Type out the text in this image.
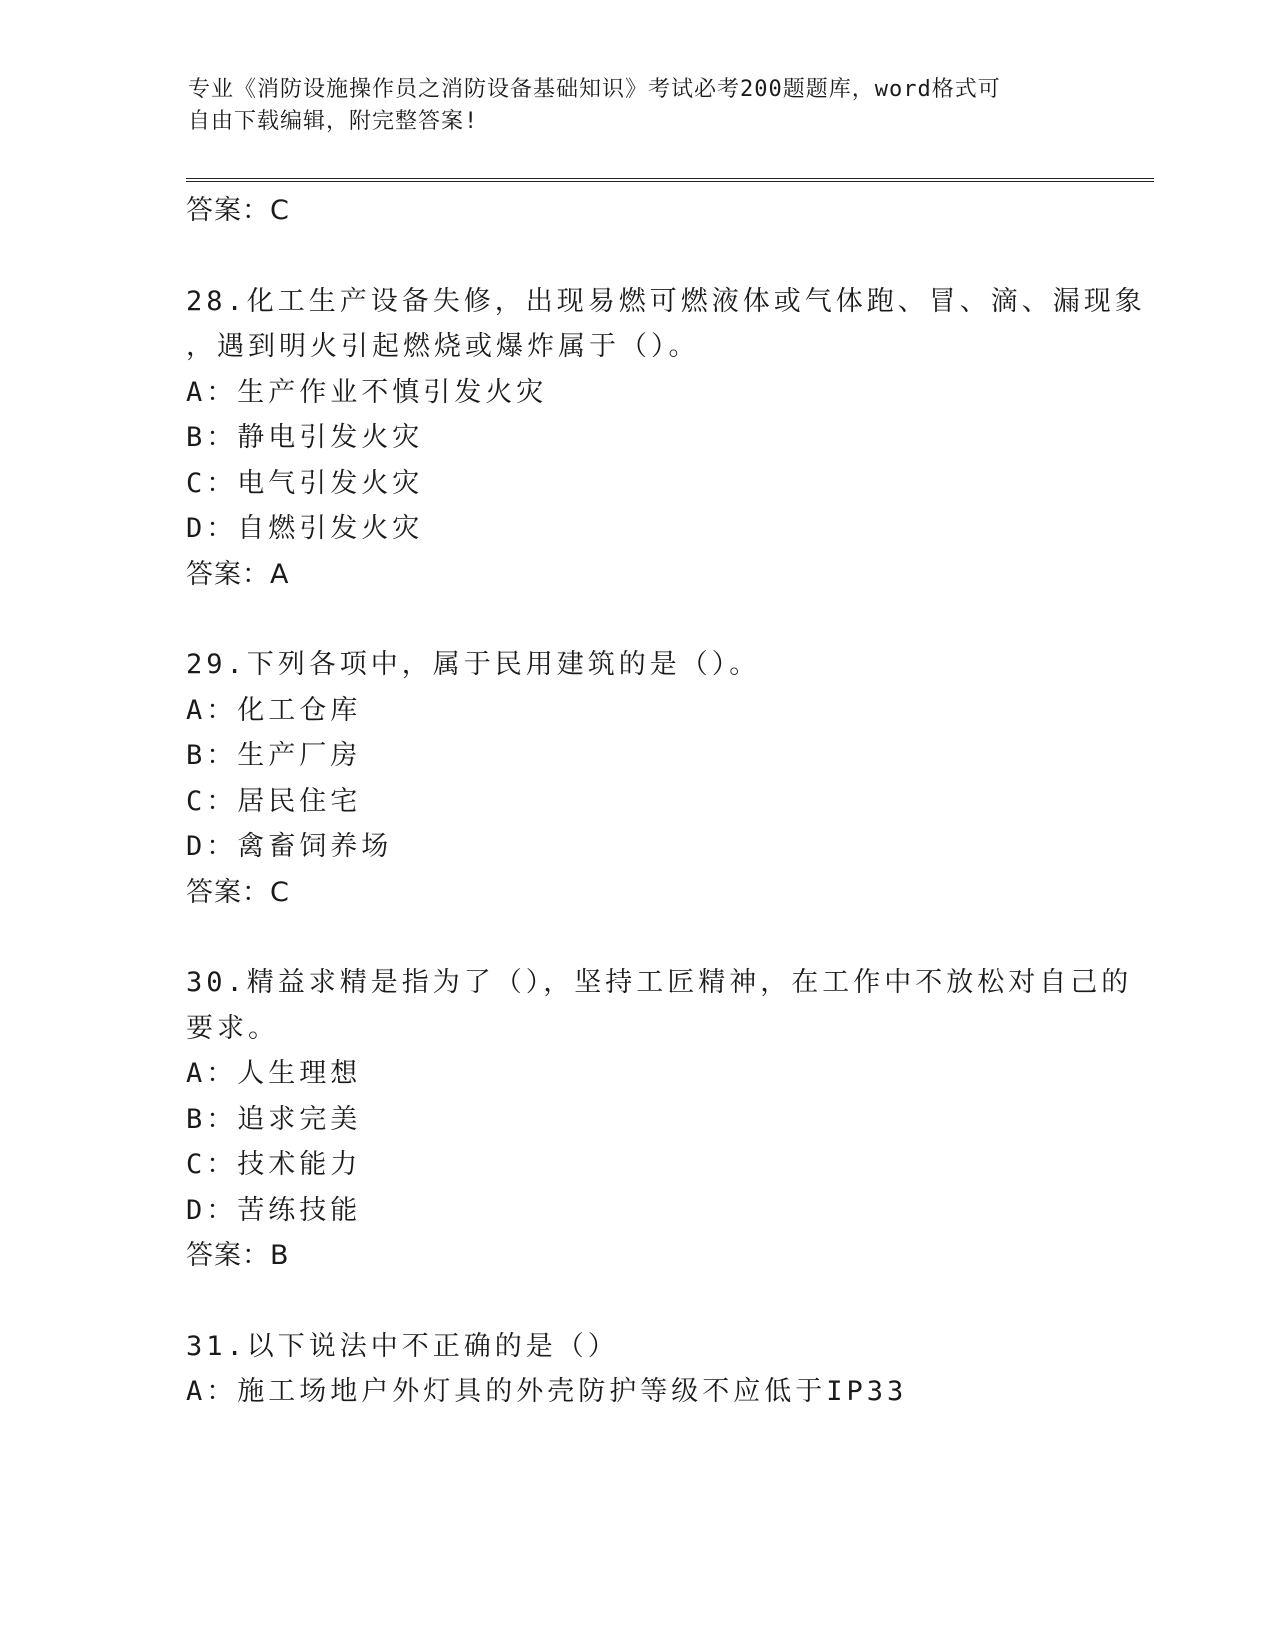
专业《消防设施操作员之消防设备基础知识》考试必考200题题库，word格式可
自由下载编辑，附完整答案!
答案：C
28.化工生产设备失修，出现易燃可燃液体或气体跑、冒、滴、漏现象
，遇到明火引起燃烧或爆炸属于（）。
A：生产作业不慎引发火灾
B：静电引发火灾
C：电气引发火灾
D：自燃引发火灾
答案：A
29.下列各项中，属于民用建筑的是（）。
A：化工仓库
B：生产厂房
C：居民住宅
D：禽畜饲养场
答案：C
30.精益求精是指为了（），坚持工匠精神，在工作中不放松对自己的
要求。
A：人生理想
B：追求完美
C：技术能力
D：苦练技能
答案：B
31.以下说法中不正确的是（）
A：施工场地户外灯具的外壳防护等级不应低于IP33
